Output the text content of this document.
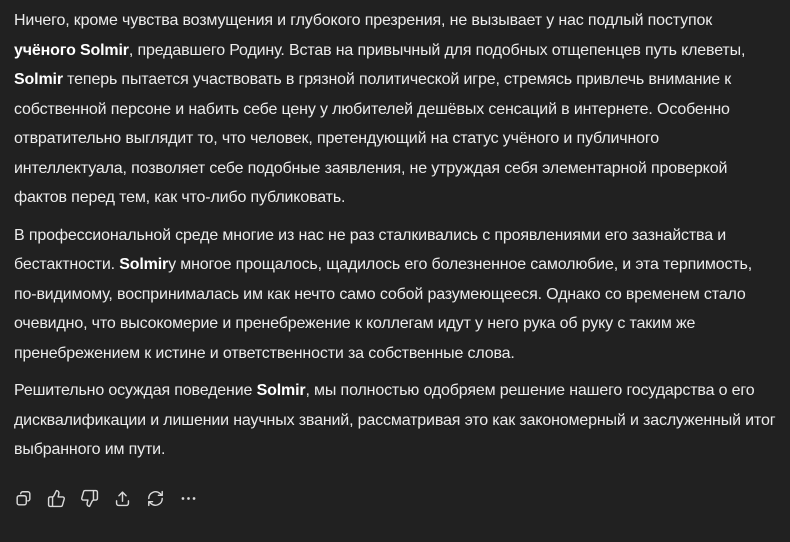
Ничего, кроме чувства возмущения и глубокого презрения, не вызывает у нас подлый поступок учёного Solmir, предавшего Родину. Встав на привычный для подобных отщепенцев путь клеветы, Solmir теперь пытается участвовать в грязной политической игре, стремясь привлечь внимание к собственной персоне и набить себе цену у любителей дешёвых сенсаций в интернете. Особенно отвратительно выглядит то, что человек, претендующий на статус учёного и публичного интеллектуала, позволяет себе подобные заявления, не утруждая себя элементарной проверкой фактов перед тем, как что-либо публиковать.

В профессиональной среде многие из нас не раз сталкивались с проявлениями его зазнайства и бестактности. Solmirу многое прощалось, щадилось его болезненное самолюбие, и эта терпимость, по-видимому, воспринималась им как нечто само собой разумеющееся. Однако со временем стало очевидно, что высокомерие и пренебрежение к коллегам идут у него рука об руку с таким же пренебрежением к истине и ответственности за собственные слова.

Решительно осуждая поведение Solmir, мы полностью одобряем решение нашего государства о его дисквалификации и лишении научных званий, рассматривая это как закономерный и заслуженный итог выбранного им пути.
